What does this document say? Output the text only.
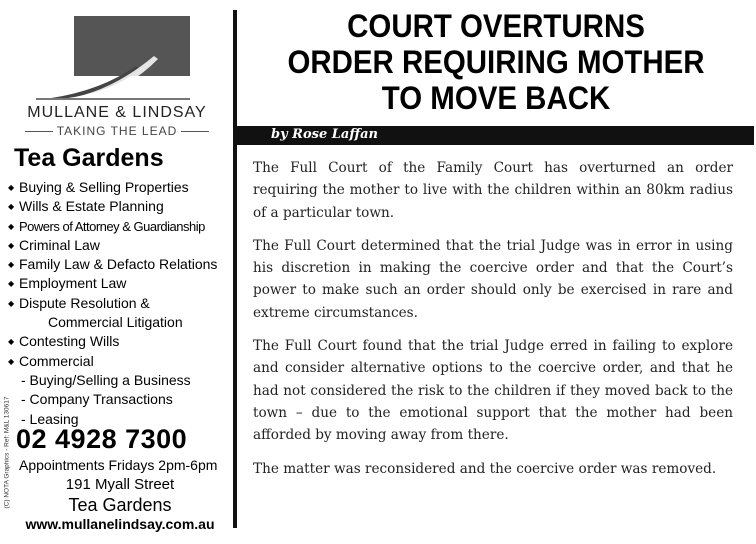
MULLANE & LINDSAY
TAKING THE LEAD
Tea Gardens
◆ Buying & Selling Properties
◆ Wills & Estate Planning
◆ Powers of Attorney & Guardianship
◆ Criminal Law
◆ Family Law & Defacto Relations
◆ Employment Law
◆ Dispute Resolution &
Commercial Litigation
◆ Contesting Wills
◆ Commercial
- Buying/Selling a Business
- Company Transactions
- Leasing
(C) NOTA Graphics - Ref: M&L 130617 02 4928 7300
Appointments Fridays 2pm-6pm
191 Myall Street
Tea Gardens
www.mullanelindsay.com.au
COURT OVERTURNS
ORDER REQUIRING MOTHER
TO MOVE BACK
by Rose Laffan

The Full Court of the Family Court has overturned an order requiring the mother to live with the children within an 80km radius of a particular town.

The Full Court determined that the trial Judge was in error in using his discretion in making the coercive order and that the Court’s power to make such an order should only be exercised in rare and extreme circumstances.

The Full Court found that the trial Judge erred in failing to explore and consider alternative options to the coercive order, and that he had not considered the risk to the children if they moved back to the town – due to the emotional support that the mother had been afforded by moving away from there.

The matter was reconsidered and the coercive order was removed.
